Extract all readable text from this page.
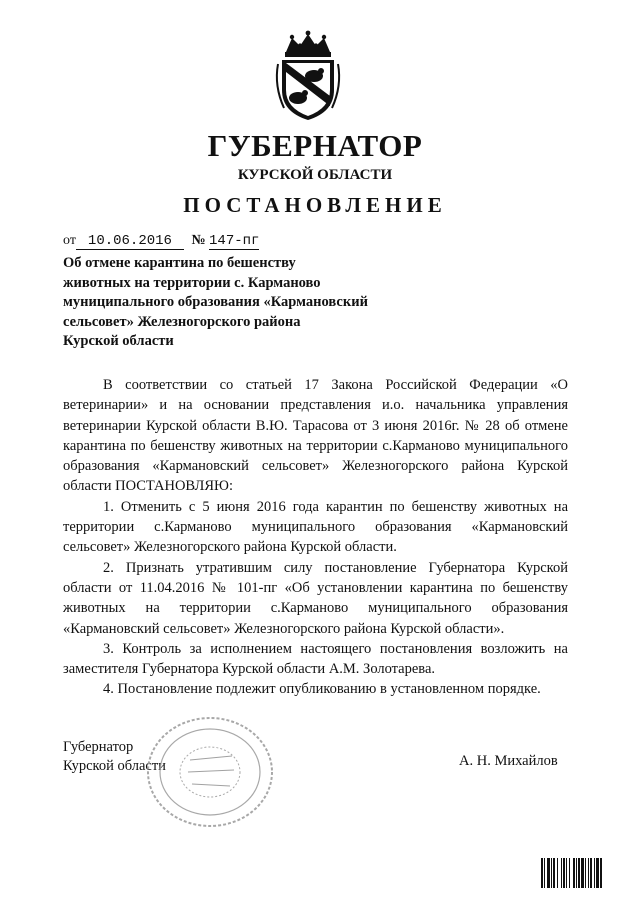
ГУБЕРНАТОР
КУРСКОЙ ОБЛАСТИ
ПОСТАНОВЛЕНИЕ
от 10.06.2016 № 147-пг
Об отмене карантина по бешенству
животных на территории с. Карманово
муниципального образования «Кармановский
сельсовет» Железногорского района
Курской области

В соответствии со статьей 17 Закона Российской Федерации «О ветеринарии» и на основании представления и.о. начальника управления ветеринарии Курской области В.Ю. Тарасова от 3 июня 2016г. № 28 об отмене карантина по бешенству животных на территории с.Карманово муниципального образования «Кармановский сельсовет» Железногорского района Курской области ПОСТАНОВЛЯЮ:

1. Отменить с 5 июня 2016 года карантин по бешенству животных на территории с.Карманово муниципального образования «Кармановский сельсовет» Железногорского района Курской области.

2. Признать утратившим силу постановление Губернатора Курской области от 11.04.2016 № 101-пг «Об установлении карантина по бешенству животных на территории с.Карманово муниципального образования «Кармановский сельсовет» Железногорского района Курской области».

3. Контроль за исполнением настоящего постановления возложить на заместителя Губернатора Курской области А.М. Золотарева.

4. Постановление подлежит опубликованию в установленном порядке.

Губернатор
Курской области	А. Н. Михайлов
